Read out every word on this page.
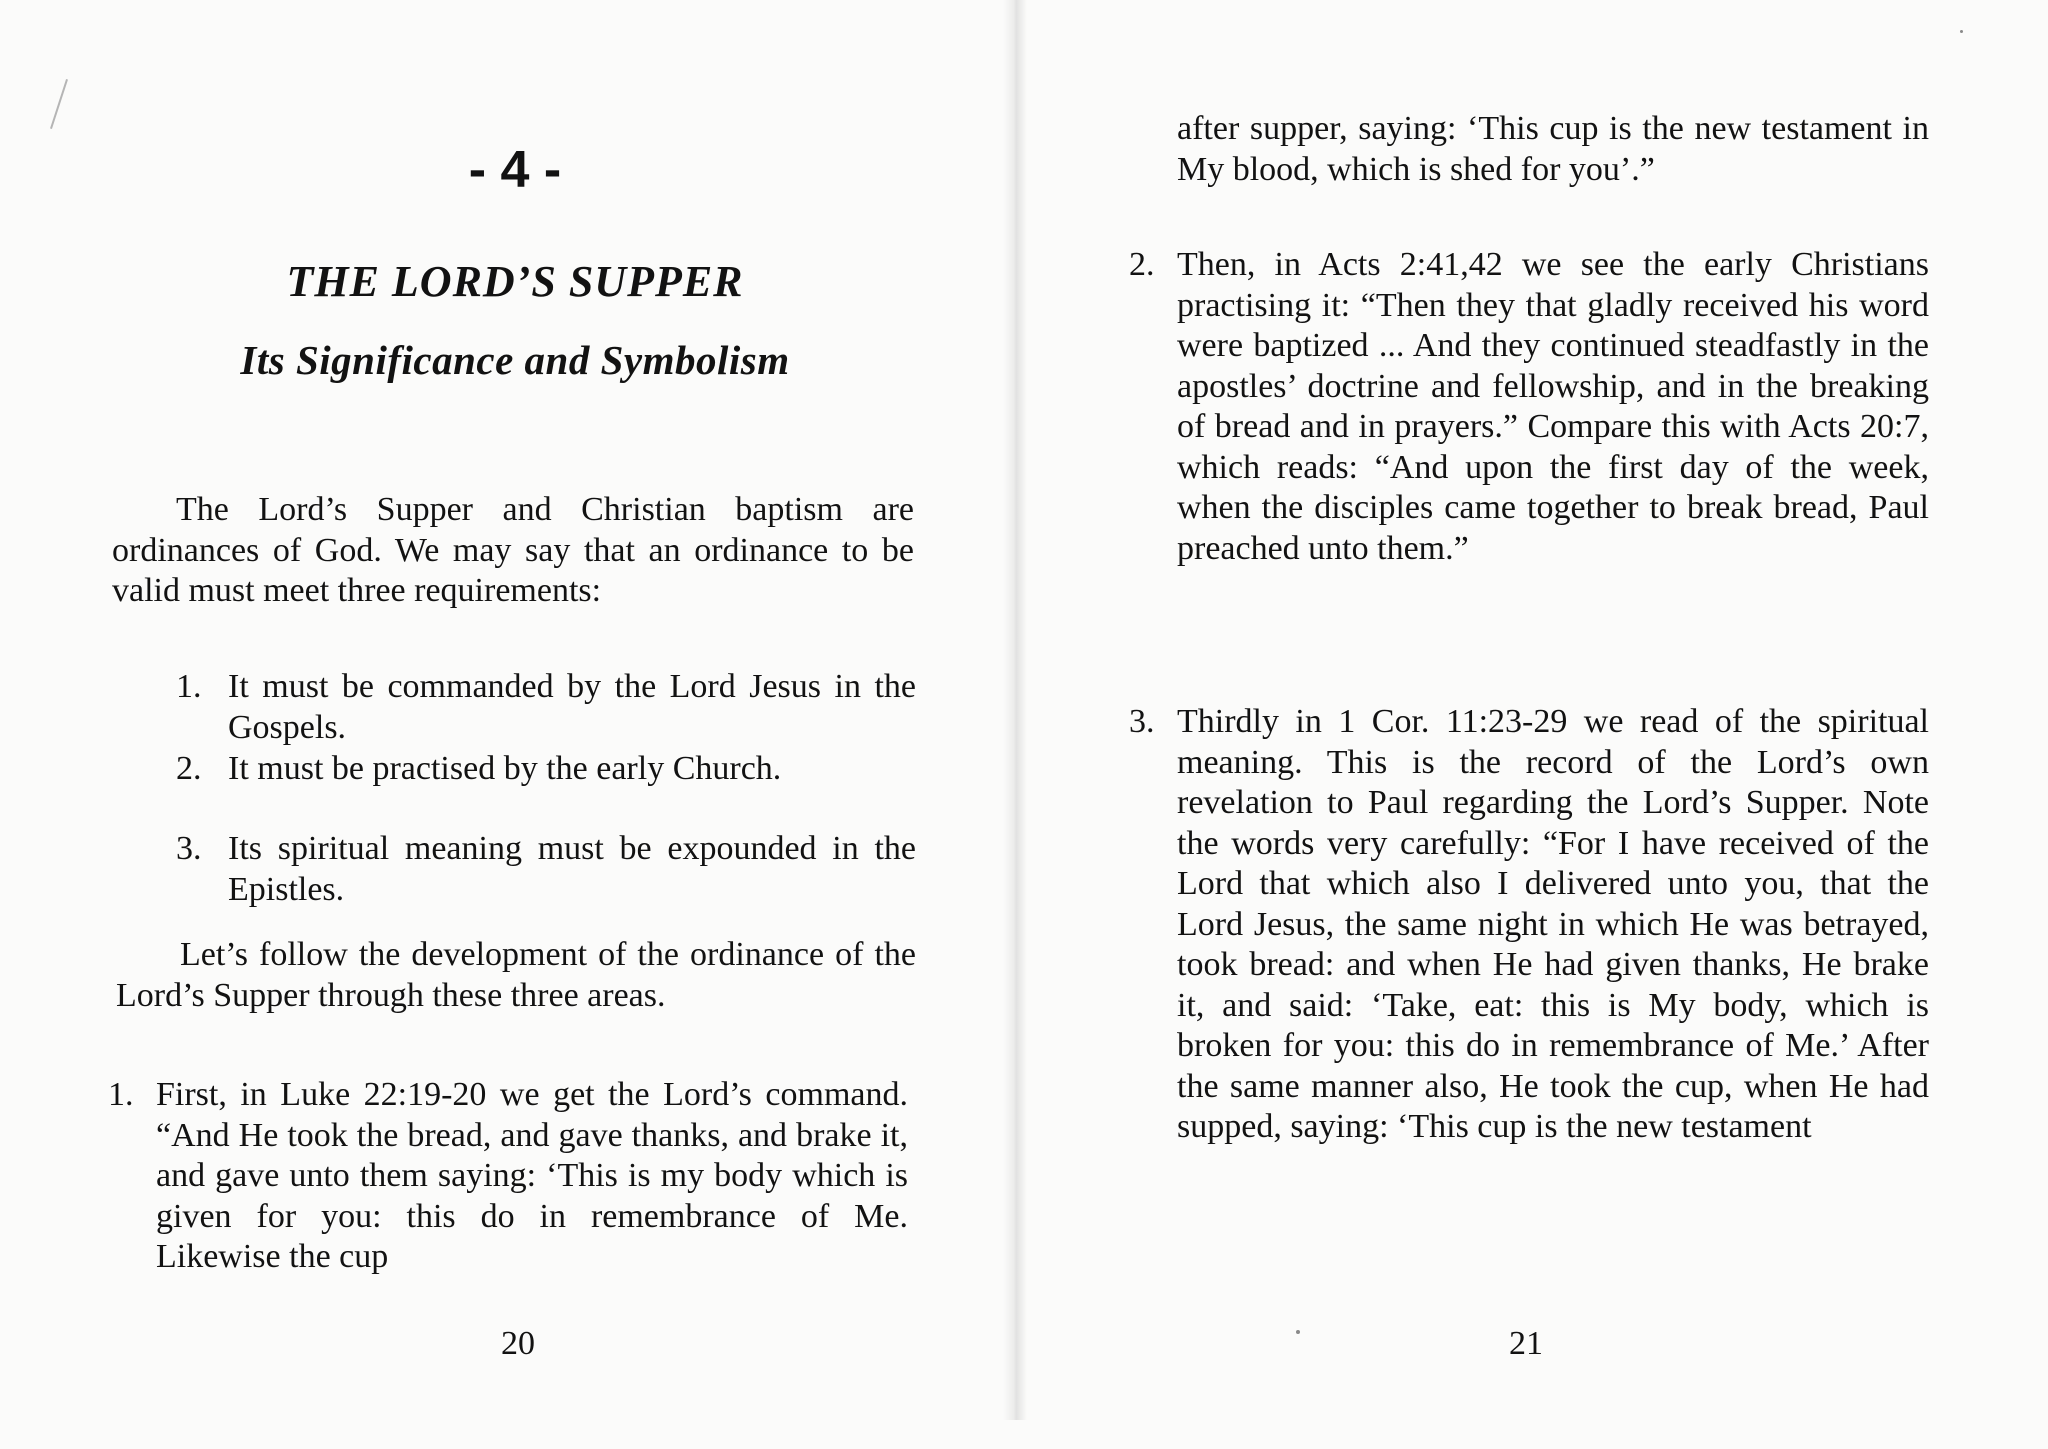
- 4 -
THE LORD’S SUPPER
Its Significance and Symbolism

The Lord’s Supper and Christian baptism are ordinances of God. We may say that an ordinance to be valid must meet three requirements:

1. It must be commanded by the Lord Jesus in the Gospels.
2. It must be practised by the early Church.
3. Its spiritual meaning must be expounded in the Epistles.

Let’s follow the development of the ordinance of the Lord’s Supper through these three areas.

1. First, in Luke 22:19-20 we get the Lord’s command. “And He took the bread, and gave thanks, and brake it, and gave unto them saying: ‘This is my body which is given for you: this do in remembrance of Me. Likewise the cup
20
after supper, saying: ‘This cup is the new testament in My blood, which is shed for you’.”
2. Then, in Acts 2:41,42 we see the early Christians practising it: “Then they that gladly received his word were baptized ... And they continued steadfastly in the apostles’ doctrine and fellowship, and in the breaking of bread and in prayers.” Compare this with Acts 20:7, which reads: “And upon the first day of the week, when the disciples came together to break bread, Paul preached unto them.”
3. Thirdly in 1 Cor. 11:23-29 we read of the spiritual meaning. This is the record of the Lord’s own revelation to Paul regarding the Lord’s Supper. Note the words very carefully: “For I have received of the Lord that which also I delivered unto you, that the Lord Jesus, the same night in which He was betrayed, took bread: and when He had given thanks, He brake it, and said: ‘Take, eat: this is My body, which is broken for you: this do in remembrance of Me.’ After the same manner also, He took the cup, when He had supped, saying: ‘This cup is the new testament
21
